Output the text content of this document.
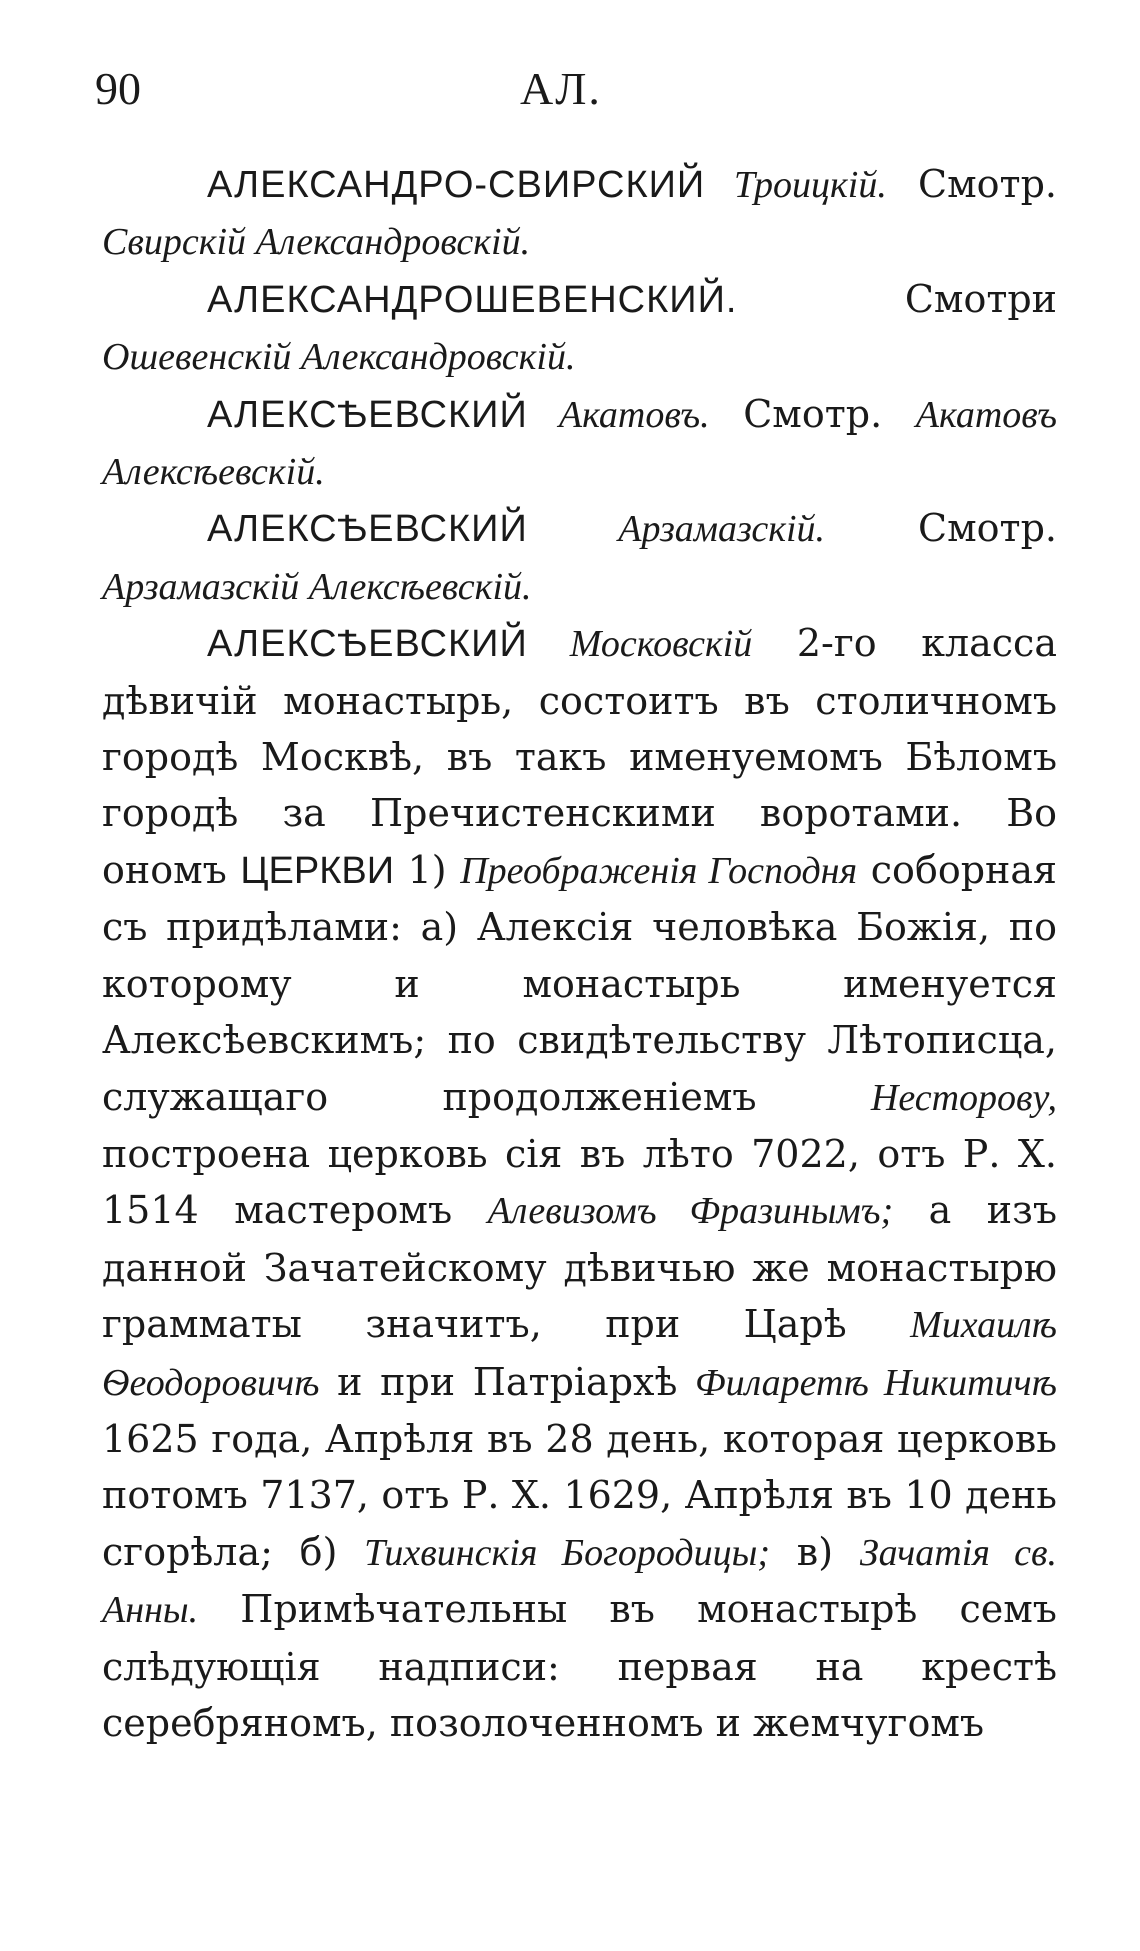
90	АЛ.

АЛЕКСАНДРО-СВИРСКИЙ Троицкій. Смотр. Свирскій Александровскій.

АЛЕКСАНДРОШЕВЕНСКИЙ. Смотри Ошевенскій Александровскій.

АЛЕКСѢЕВСКИЙ Акатовъ. Смотр. Акатовъ Алексѣевскій.

АЛЕКСѢЕВСКИЙ Арзамазскій. Смотр. Арзамазскій Алексѣевскій.

АЛЕКСѢЕВСКИЙ Московскій 2-го класса дѣвичій монастырь, состоитъ въ столичномъ городѣ Москвѣ, въ такъ именуемомъ Бѣломъ городѣ за Пречистенскими воротами. Во ономъ ЦЕРКВИ 1) Преображенія Господня соборная съ придѣлами: а) Алексія человѣка Божія, по которому и монастырь именуется Алексѣевскимъ; по свидѣтельству Лѣтописца, служащаго продолженіемъ Несторову, построена церковь сія въ лѣто 7022, отъ Р. Х. 1514 мастеромъ Алевизомъ Фразинымъ; а изъ данной Зачатейскому дѣвичью же монастырю грамматы значитъ, при Царѣ Михаилѣ Ѳеодоровичѣ и при Патріархѣ Филаретѣ Никитичѣ 1625 года, Апрѣля въ 28 день, которая церковь потомъ 7137, отъ Р. Х. 1629, Апрѣля въ 10 день сгорѣла; б) Тихвинскія Богородицы; в) Зачатія св. Анны. Примѣчательны въ монастырѣ семъ слѣдующія надписи: первая на крестѣ серебряномъ, позолоченномъ и жемчугомъ
